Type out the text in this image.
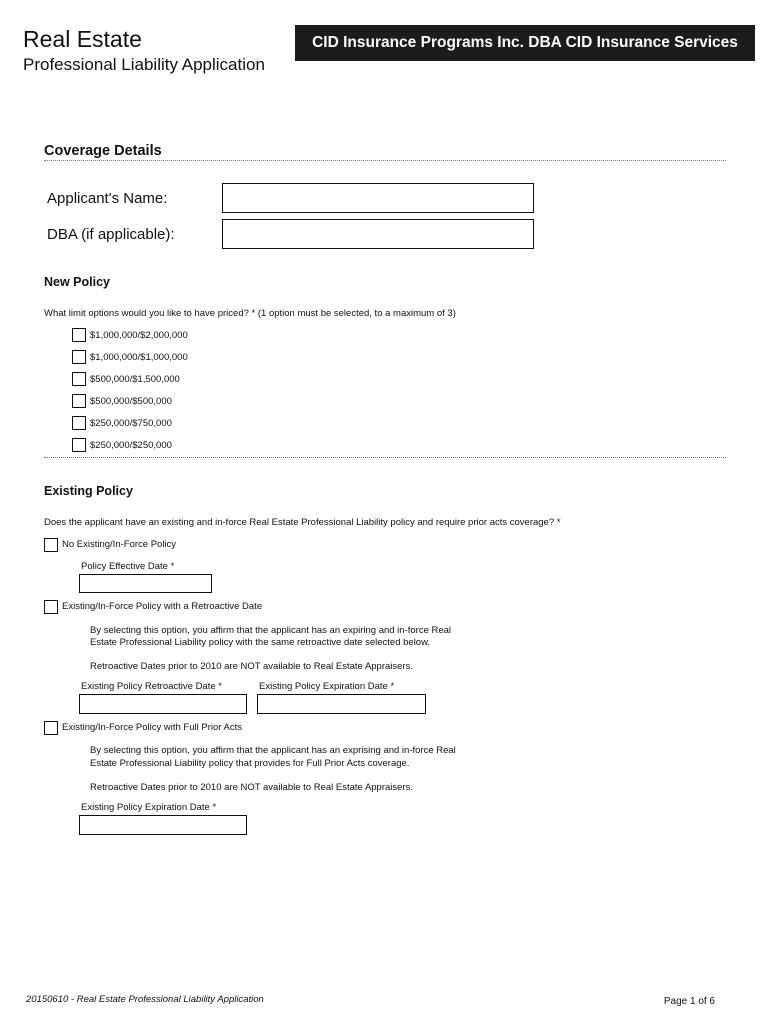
Real Estate
Professional Liability Application
CID Insurance Programs Inc. DBA CID Insurance Services
Coverage Details
Applicant's Name:
DBA (if applicable):
New Policy
What limit options would you like to have priced? * (1 option must be selected, to a maximum of 3)
$1,000,000/$2,000,000
$1,000,000/$1,000,000
$500,000/$1,500,000
$500,000/$500,000
$250,000/$750,000
$250,000/$250,000
Existing Policy
Does the applicant have an existing and in-force Real Estate Professional Liability policy and require prior acts coverage? *
No Existing/In-Force Policy
Policy Effective Date *
Existing/In-Force Policy with a Retroactive Date
By selecting this option, you affirm that the applicant has an expiring and in-force Real
Estate Professional Liability policy with the same retroactive date selected below.
Retroactive Dates prior to 2010 are NOT available to Real Estate Appraisers.
Existing Policy Retroactive Date *	Existing Policy Expiration Date *
Existing/In-Force Policy with Full Prior Acts
By selecting this option, you affirm that the applicant has an exprising and in-force Real
Estate Professional Liability policy that provides for Full Prior Acts coverage.
Retroactive Dates prior to 2010 are NOT available to Real Estate Appraisers.
Existing Policy Expiration Date *
20150610 - Real Estate Professional Liability Application	Page 1 of 6
